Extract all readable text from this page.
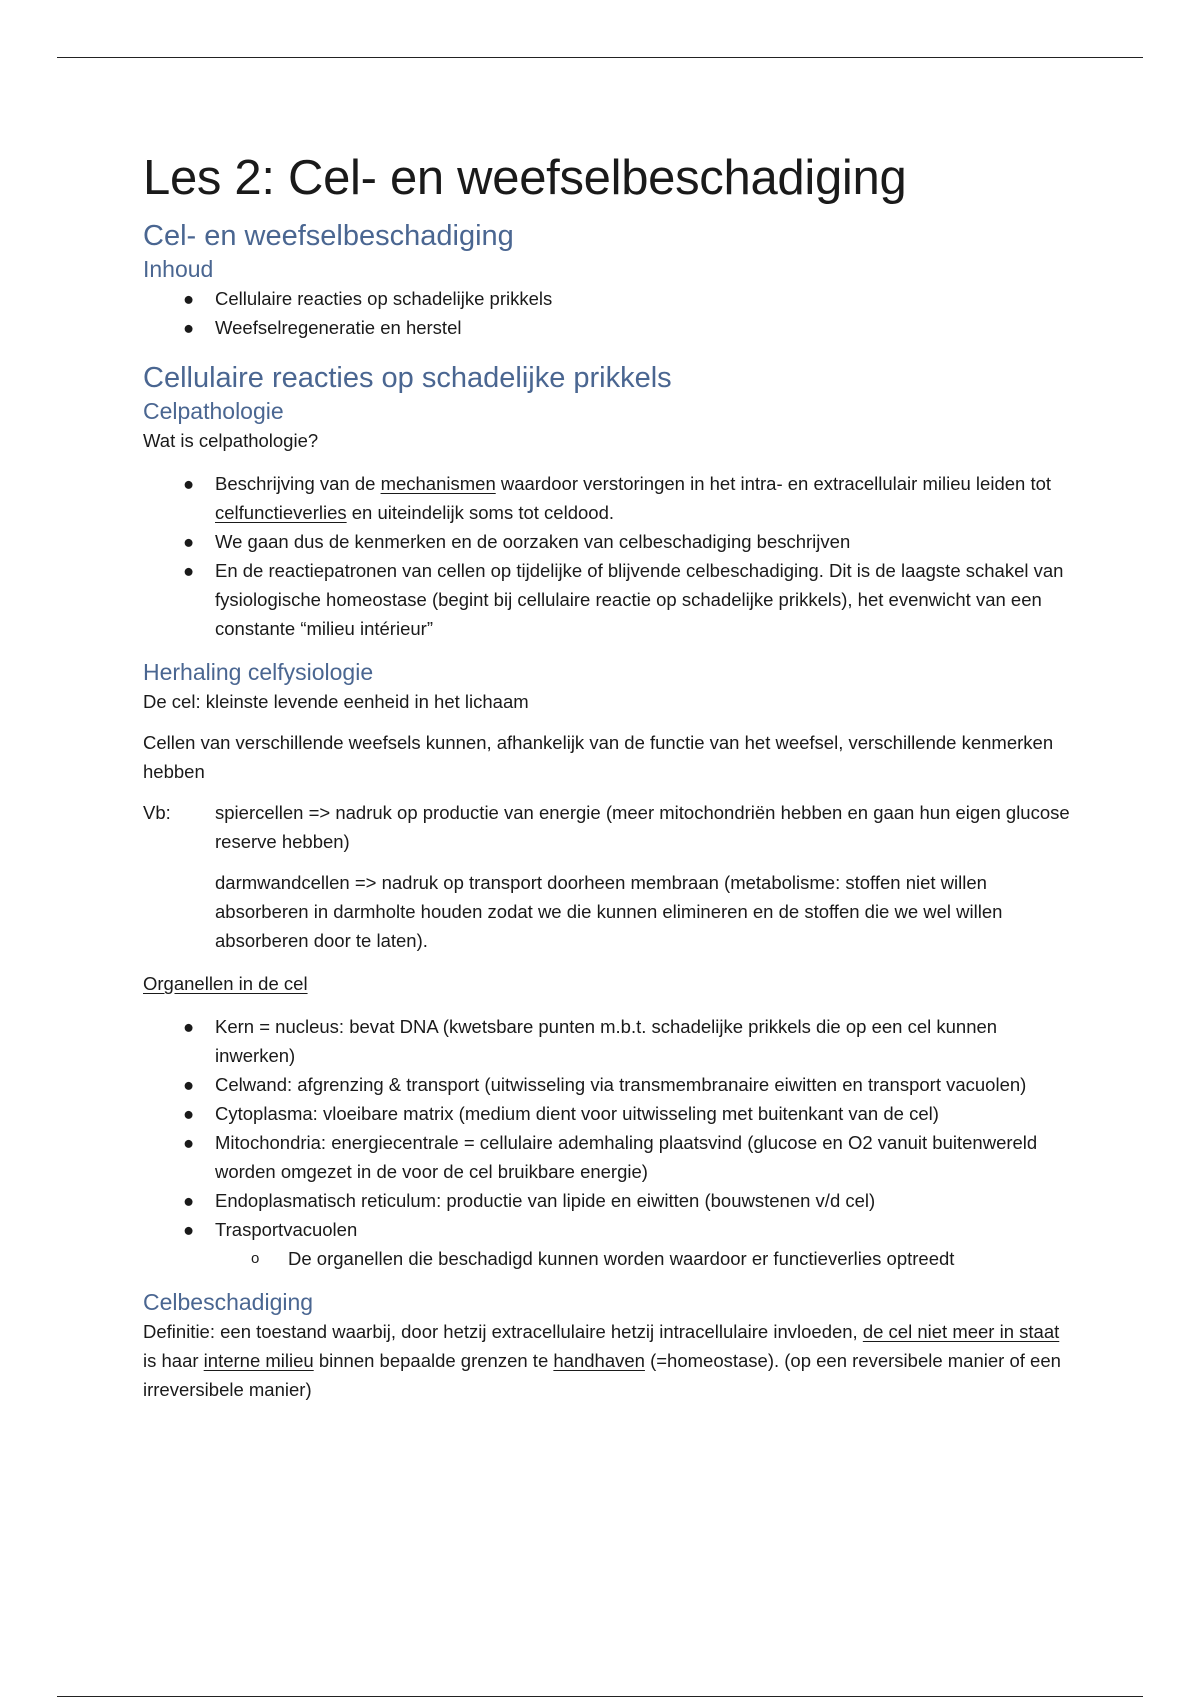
Les 2: Cel- en weefselbeschadiging
Cel- en weefselbeschadiging
Inhoud
● Cellulaire reacties op schadelijke prikkels
● Weefselregeneratie en herstel
Cellulaire reacties op schadelijke prikkels
Celpathologie

Wat is celpathologie?

● Beschrijving van de mechanismen waardoor verstoringen in het intra- en extracellulair milieu leiden tot celfunctieverlies en uiteindelijk soms tot celdood.
● We gaan dus de kenmerken en de oorzaken van celbeschadiging beschrijven
● En de reactiepatronen van cellen op tijdelijke of blijvende celbeschadiging. Dit is de laagste schakel van fysiologische homeostase (begint bij cellulaire reactie op schadelijke prikkels), het evenwicht van een constante “milieu intérieur”
Herhaling celfysiologie

De cel: kleinste levende eenheid in het lichaam

Cellen van verschillende weefsels kunnen, afhankelijk van de functie van het weefsel, verschillende kenmerken hebben

Vb:	spiercellen => nadruk op productie van energie (meer mitochondriën hebben en gaan hun eigen glucose reserve hebben)
darmwandcellen => nadruk op transport doorheen membraan (metabolisme: stoffen niet willen absorberen in darmholte houden zodat we die kunnen elimineren en de stoffen die we wel willen absorberen door te laten).

Organellen in de cel

● Kern = nucleus: bevat DNA (kwetsbare punten m.b.t. schadelijke prikkels die op een cel kunnen inwerken)
● Celwand: afgrenzing & transport (uitwisseling via transmembranaire eiwitten en transport vacuolen)
● Cytoplasma: vloeibare matrix (medium dient voor uitwisseling met buitenkant van de cel)
● Mitochondria: energiecentrale = cellulaire ademhaling plaatsvind (glucose en O2 vanuit buitenwereld worden omgezet in de voor de cel bruikbare energie)
● Endoplasmatisch reticulum: productie van lipide en eiwitten (bouwstenen v/d cel)
● Trasportvacuolen
o De organellen die beschadigd kunnen worden waardoor er functieverlies optreedt
Celbeschadiging

Definitie: een toestand waarbij, door hetzij extracellulaire hetzij intracellulaire invloeden, de cel niet meer in staat is haar interne milieu binnen bepaalde grenzen te handhaven (=homeostase). (op een reversibele manier of een irreversibele manier)
